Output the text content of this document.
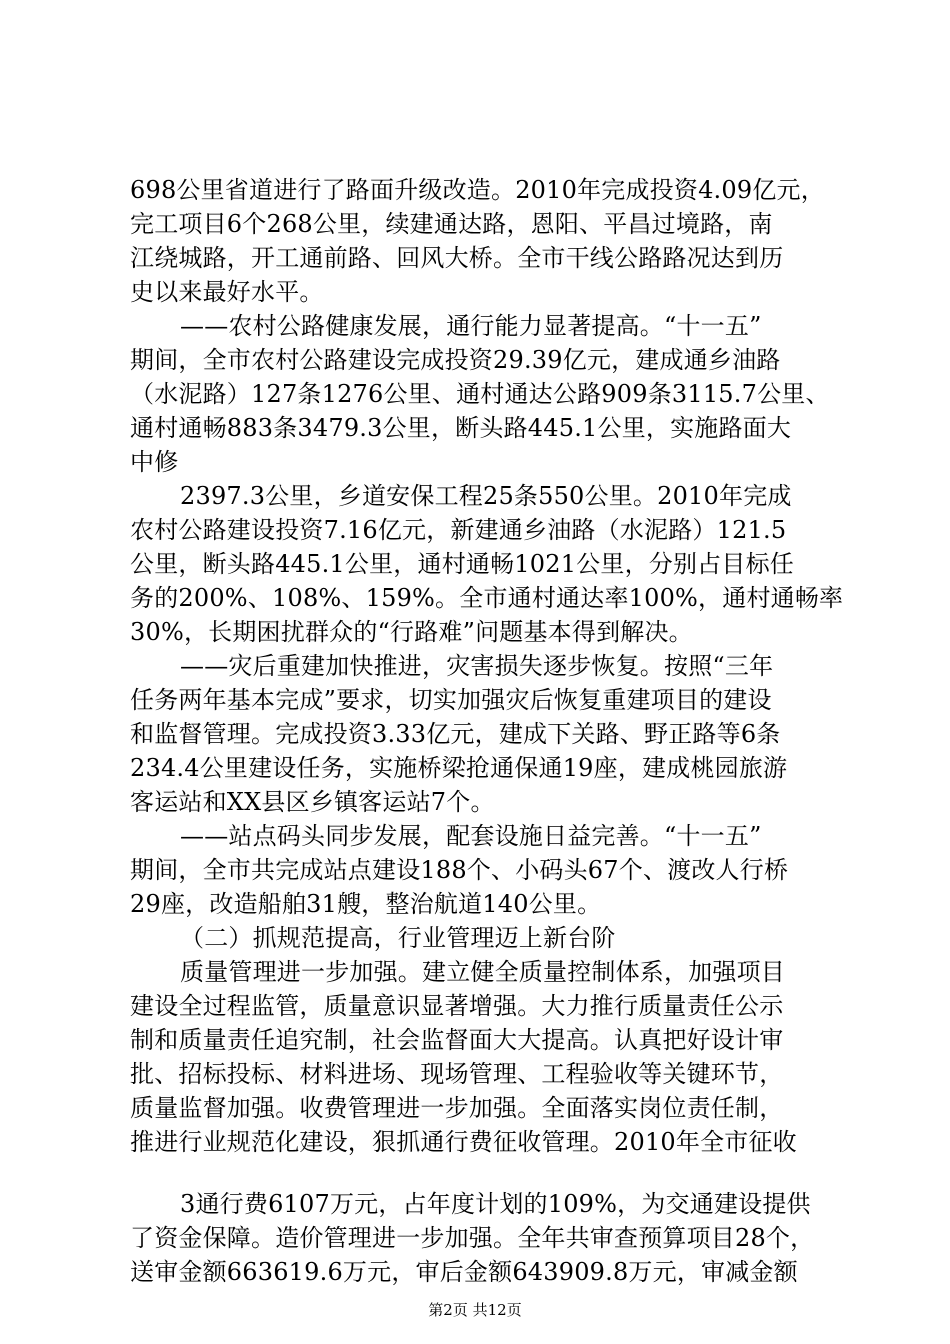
698公里省道进行了路面升级改造。2010年完成投资4.09亿元，
完工项目6个268公里，续建通达路，恩阳、平昌过境路，南
江绕城路，开工通前路、回风大桥。全市干线公路路况达到历
史以来最好水平。
——农村公路健康发展，通行能力显著提高。“十一五”
期间，全市农村公路建设完成投资29.39亿元，建成通乡油路
（水泥路）127条1276公里、通村通达公路909条3115.7公里、
通村通畅883条3479.3公里，断头路445.1公里，实施路面大
中修
2397.3公里，乡道安保工程25条550公里。2010年完成
农村公路建设投资7.16亿元，新建通乡油路（水泥路）121.5
公里，断头路445.1公里，通村通畅1021公里，分别占目标任
务的200%、108%、159%。全市通村通达率100%，通村通畅率
30%，长期困扰群众的“行路难”问题基本得到解决。
——灾后重建加快推进，灾害损失逐步恢复。按照“三年
任务两年基本完成”要求，切实加强灾后恢复重建项目的建设
和监督管理。完成投资3.33亿元，建成下关路、野正路等6条
234.4公里建设任务，实施桥梁抢通保通19座，建成桃园旅游
客运站和XX县区乡镇客运站7个。
——站点码头同步发展，配套设施日益完善。“十一五”
期间，全市共完成站点建设188个、小码头67个、渡改人行桥
29座，改造船舶31艘，整治航道140公里。
（二）抓规范提高，行业管理迈上新台阶
质量管理进一步加强。建立健全质量控制体系，加强项目
建设全过程监管，质量意识显著增强。大力推行质量责任公示
制和质量责任追究制，社会监督面大大提高。认真把好设计审
批、招标投标、材料进场、现场管理、工程验收等关键环节，
质量监督加强。收费管理进一步加强。全面落实岗位责任制，
推进行业规范化建设，狠抓通行费征收管理。2010年全市征收
3通行费6107万元，占年度计划的109%，为交通建设提供
了资金保障。造价管理进一步加强。全年共审查预算项目28个，
送审金额663619.6万元，审后金额643909.8万元，审减金额
第2页 共12页
